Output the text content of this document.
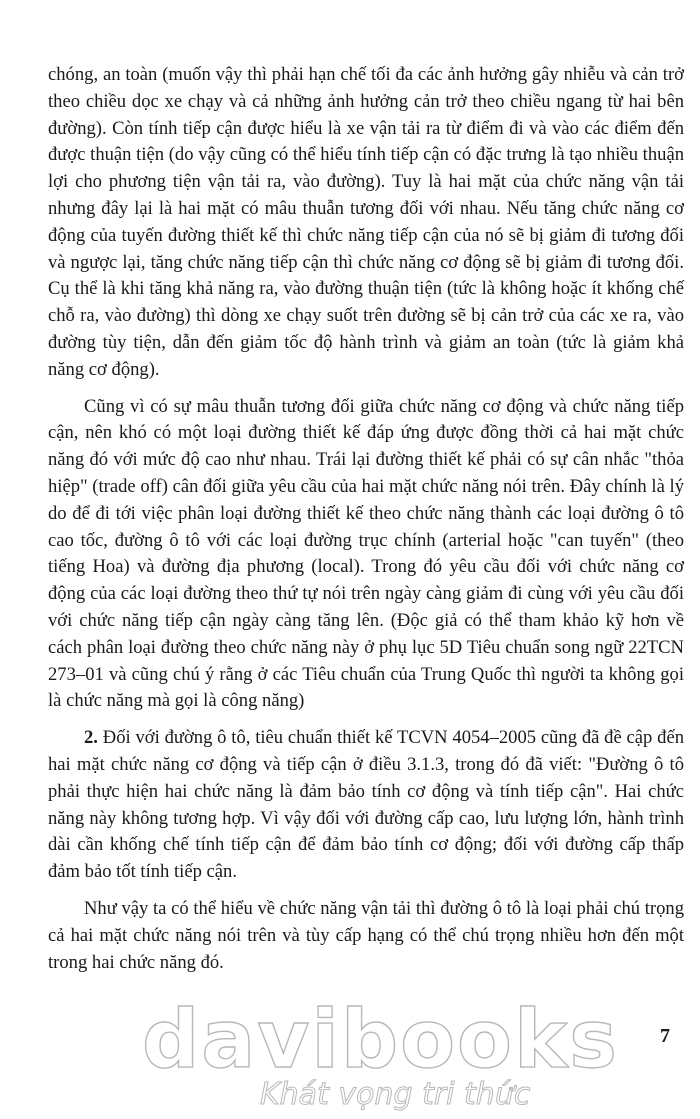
chóng, an toàn (muốn vậy thì phải hạn chế tối đa các ảnh hưởng gây nhiễu và cản trở theo chiều dọc xe chạy và cả những ảnh hưởng cản trở theo chiều ngang từ hai bên đường). Còn tính tiếp cận được hiểu là xe vận tải ra từ điểm đi và vào các điểm đến được thuận tiện (do vậy cũng có thể hiểu tính tiếp cận có đặc trưng là tạo nhiều thuận lợi cho phương tiện vận tải ra, vào đường). Tuy là hai mặt của chức năng vận tải nhưng đây lại là hai mặt có mâu thuẫn tương đối với nhau. Nếu tăng chức năng cơ động của tuyến đường thiết kế thì chức năng tiếp cận của nó sẽ bị giảm đi tương đối và ngược lại, tăng chức năng tiếp cận thì chức năng cơ động sẽ bị giảm đi tương đối. Cụ thể là khi tăng khả năng ra, vào đường thuận tiện (tức là không hoặc ít khống chế chỗ ra, vào đường) thì dòng xe chạy suốt trên đường sẽ bị cản trở của các xe ra, vào đường tùy tiện, dẫn đến giảm tốc độ hành trình và giảm an toàn (tức là giảm khả năng cơ động).

Cũng vì có sự mâu thuẫn tương đối giữa chức năng cơ động và chức năng tiếp cận, nên khó có một loại đường thiết kế đáp ứng được đồng thời cả hai mặt chức năng đó với mức độ cao như nhau. Trái lại đường thiết kế phải có sự cân nhắc "thỏa hiệp" (trade off) cân đối giữa yêu cầu của hai mặt chức năng nói trên. Đây chính là lý do để đi tới việc phân loại đường thiết kế theo chức năng thành các loại đường ô tô cao tốc, đường ô tô với các loại đường trục chính (arterial hoặc "can tuyến" (theo tiếng Hoa) và đường địa phương (local). Trong đó yêu cầu đối với chức năng cơ động của các loại đường theo thứ tự nói trên ngày càng giảm đi cùng với yêu cầu đối với chức năng tiếp cận ngày càng tăng lên. (Độc giả có thể tham khảo kỹ hơn về cách phân loại đường theo chức năng này ở phụ lục 5D Tiêu chuẩn song ngữ 22TCN 273–01 và cũng chú ý rằng ở các Tiêu chuẩn của Trung Quốc thì người ta không gọi là chức năng mà gọi là công năng)

2. Đối với đường ô tô, tiêu chuẩn thiết kế TCVN 4054–2005 cũng đã đề cập đến hai mặt chức năng cơ động và tiếp cận ở điều 3.1.3, trong đó đã viết: "Đường ô tô phải thực hiện hai chức năng là đảm bảo tính cơ động và tính tiếp cận". Hai chức năng này không tương hợp. Vì vậy đối với đường cấp cao, lưu lượng lớn, hành trình dài cần khống chế tính tiếp cận để đảm bảo tính cơ động; đối với đường cấp thấp đảm bảo tốt tính tiếp cận.

Như vậy ta có thể hiểu về chức năng vận tải thì đường ô tô là loại phải chú trọng cả hai mặt chức năng nói trên và tùy cấp hạng có thể chú trọng nhiều hơn đến một trong hai chức năng đó.

7
davibooks
Khát vọng tri thức
